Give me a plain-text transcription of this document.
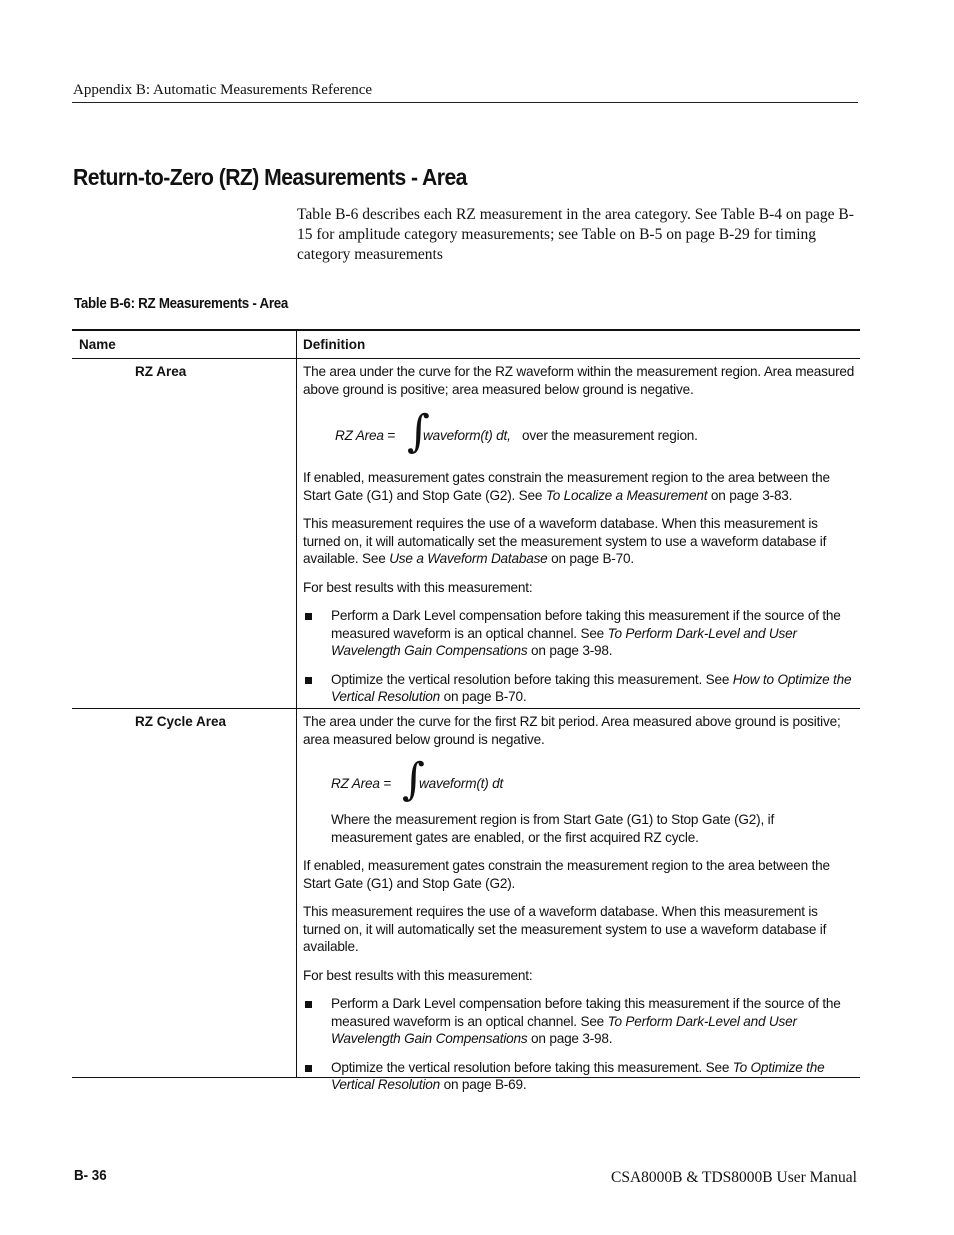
Appendix B: Automatic Measurements Reference
Return-to-Zero (RZ) Measurements - Area
Table B-6 describes each RZ measurement in the area category. See Table B-4 on page B-15 for amplitude category measurements; see Table on B-5 on page B-29 for timing category measurements
Table B-6: RZ Measurements - Area
Name	Definition
RZ Area	The area under the curve for the RZ waveform within the measurement region. Area measured above ground is positive; area measured below ground is negative.

RZ Area = ∫
waveform(t) dt, over the measurement region.

If enabled, measurement gates constrain the measurement region to the area between the Start Gate (G1) and Stop Gate (G2). See To Localize a Measurement on page 3-83.

This measurement requires the use of a waveform database. When this measurement is turned on, it will automatically set the measurement system to use a waveform database if available. See Use a Waveform Database on page B-70.

For best results with this measurement:

Perform a Dark Level compensation before taking this measurement if the source of the measured waveform is an optical channel. See To Perform Dark-Level and User Wavelength Gain Compensations on page 3-98.
Optimize the vertical resolution before taking this measurement. See How to Optimize the Vertical Resolution on page B-70.
RZ Cycle Area	The area under the curve for the first RZ bit period. Area measured above ground is positive; area measured below ground is negative.

RZ Area = ∫
waveform(t) dt

Where the measurement region is from Start Gate (G1) to Stop Gate (G2), if measurement gates are enabled, or the first acquired RZ cycle.

If enabled, measurement gates constrain the measurement region to the area between the Start Gate (G1) and Stop Gate (G2).

This measurement requires the use of a waveform database. When this measurement is turned on, it will automatically set the measurement system to use a waveform database if available.

For best results with this measurement:

Perform a Dark Level compensation before taking this measurement if the source of the measured waveform is an optical channel. See To Perform Dark-Level and User Wavelength Gain Compensations on page 3-98.
Optimize the vertical resolution before taking this measurement. See To Optimize the Vertical Resolution on page B-69.
B- 36	CSA8000B & TDS8000B User Manual
